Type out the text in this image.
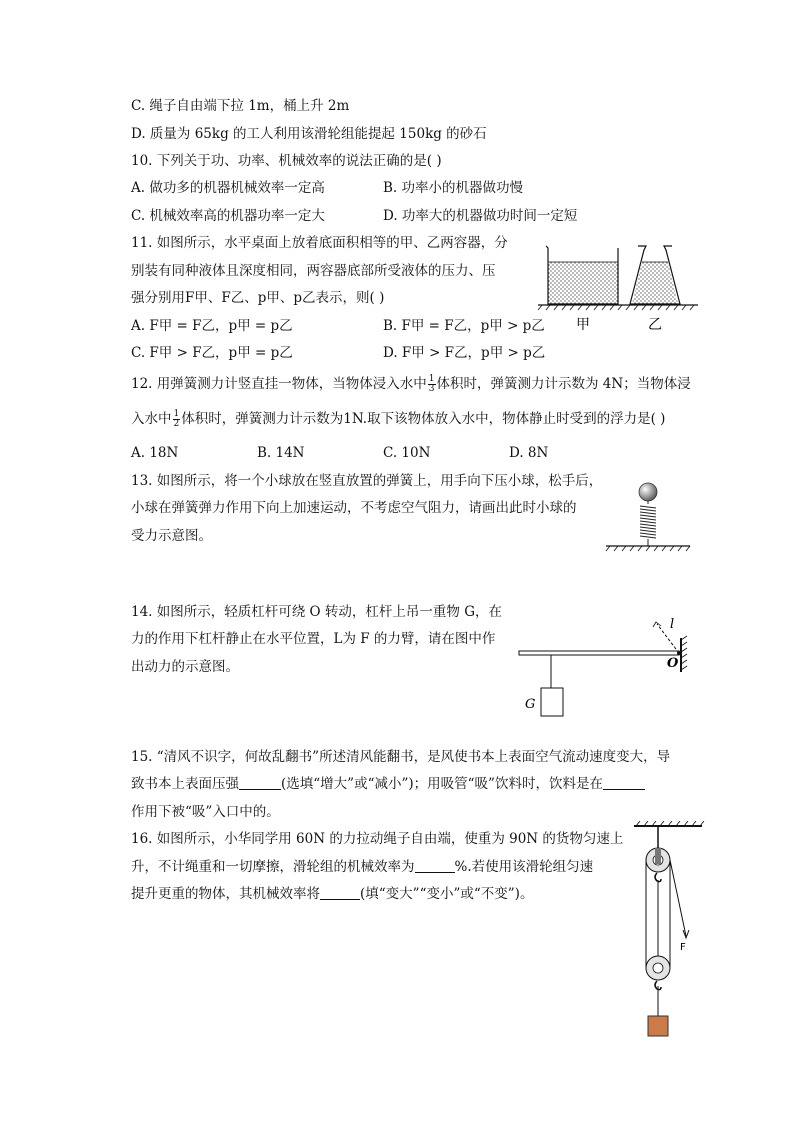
C. 绳子自由端下拉 1m，桶上升 2m
D. 质量为 65kg 的工人利用该滑轮组能提起 150kg 的砂石
10. 下列关于功、功率、机械效率的说法正确的是( )
A. 做功多的机器机械效率一定高	B. 功率小的机器做功慢
C. 机械效率高的机器功率一定大	D. 功率大的机器做功时间一定短
11. 如图所示，水平桌面上放着底面积相等的甲、乙两容器，分
别装有同种液体且深度相同，两容器底部所受液体的压力、压
强分别用F甲、F乙、p甲、p乙表示，则( )
A. F甲 = F乙，p甲 = p乙	B. F甲 = F乙，p甲 > p乙
C. F甲 > F乙，p甲 = p乙	D. F甲 > F乙，p甲 > p乙
甲	乙
12. 用弹簧测力计竖直挂一物体，当物体浸入水中 $\frac{1}{3}$ 体积时，弹簧测力计示数为 4N；当物体浸
入水中 $\frac{1}{2}$ 体积时，弹簧测力计示数为1N.取下该物体放入水中，物体静止时受到的浮力是( )
A. 18N	B. 14N	C. 10N	D. 8N
13. 如图所示，将一个小球放在竖直放置的弹簧上，用手向下压小球，松手后，
小球在弹簧弹力作用下向上加速运动，不考虑空气阻力，请画出此时小球的
受力示意图。
14. 如图所示，轻质杠杆可绕 O 转动，杠杆上吊一重物 G，在
力的作用下杠杆静止在水平位置，L为 F 的力臂，请在图中作
出动力的示意图。
l
O
G
15. “清风不识字，何故乱翻书”所述清风能翻书，是风使书本上表面空气流动速度变大，导
致书本上表面压强	(选填“增大”或“减小”)；用吸管“吸”饮料时，饮料是在
作用下被“吸”入口中的。
16. 如图所示，小华同学用 60N 的力拉动绳子自由端，使重为 90N 的货物匀速上
升，不计绳重和一切摩擦，滑轮组的机械效率为	%.若使用该滑轮组匀速
提升更重的物体，其机械效率将	(填“变大”“变小”或“不变”)。
F
